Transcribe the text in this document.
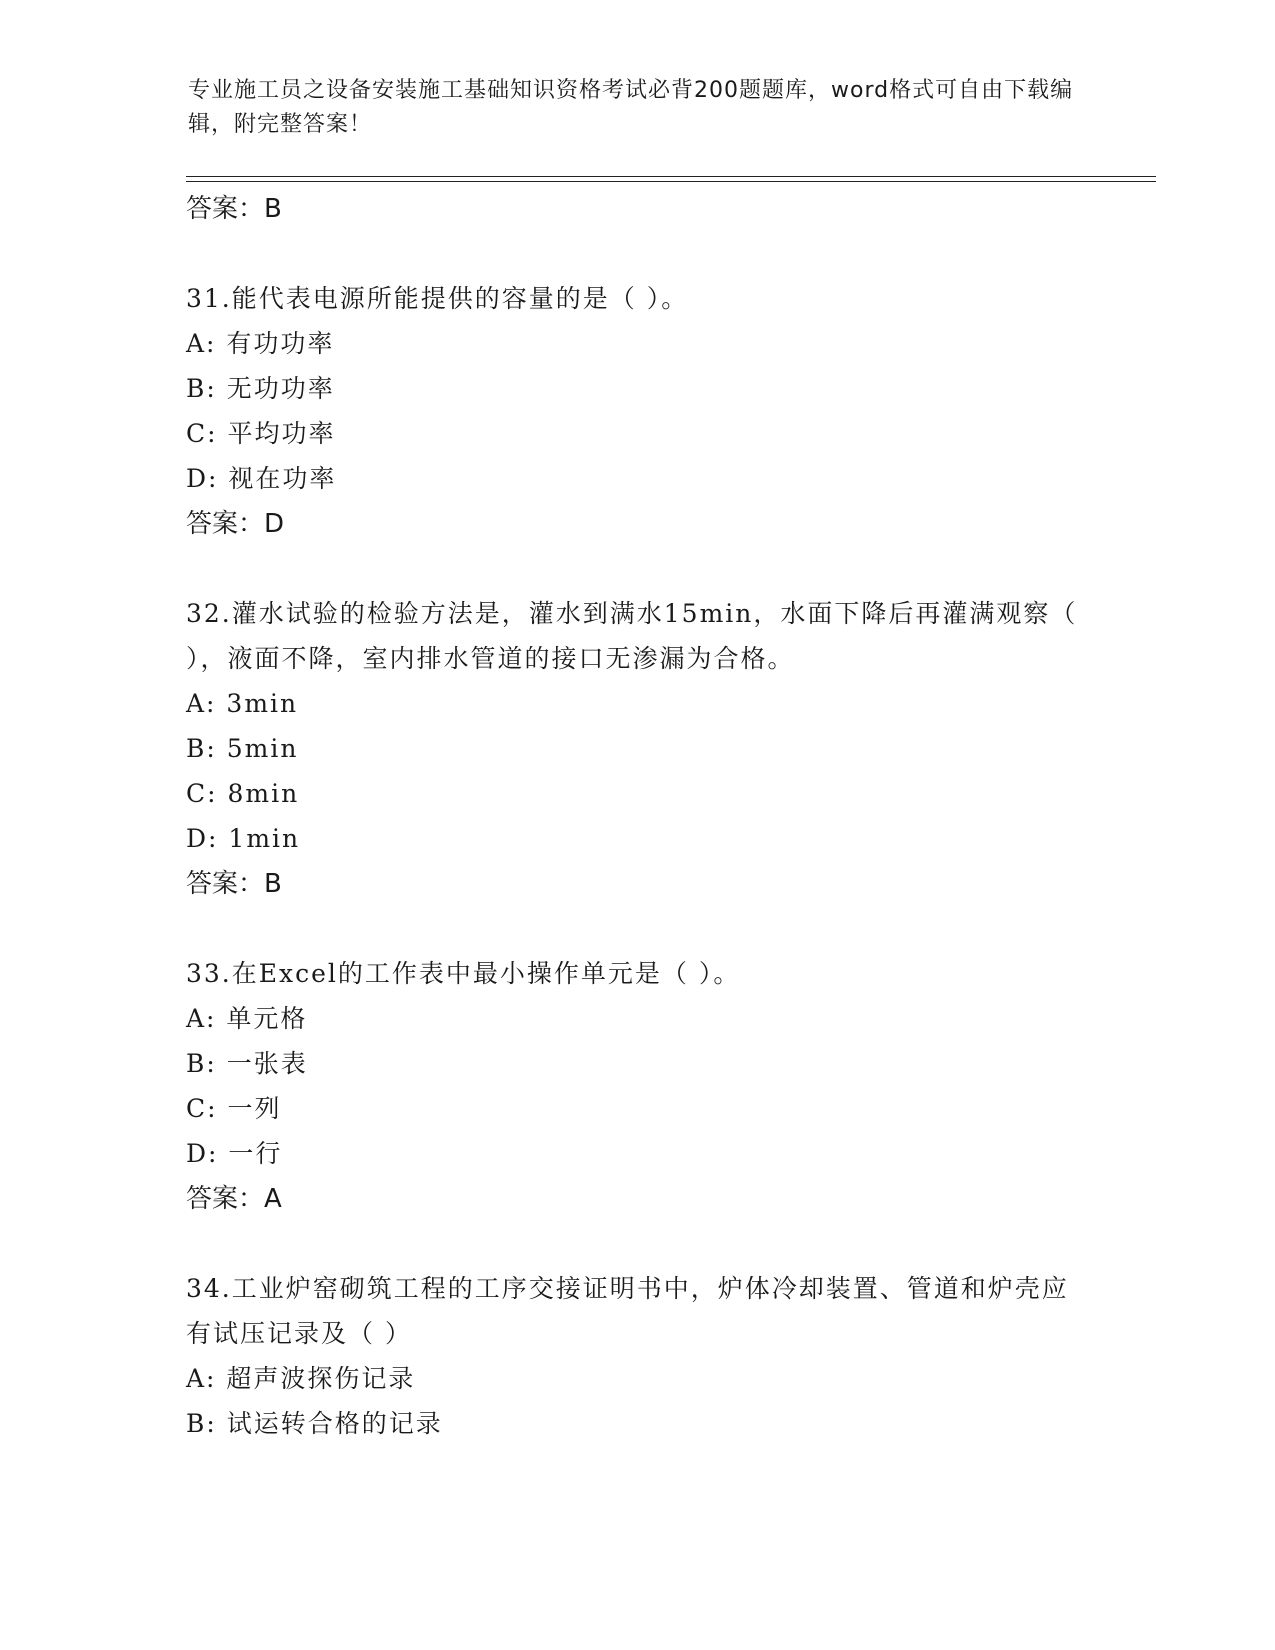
专业施工员之设备安装施工基础知识资格考试必背200题题库，word格式可自由下载编辑，附完整答案！
答案：B
31.能代表电源所能提供的容量的是（ ）。
A: 有功功率
B: 无功功率
C: 平均功率
D: 视在功率
答案：D
32.灌水试验的检验方法是，灌水到满水15min，水面下降后再灌满观察（ ），液面不降，室内排水管道的接口无渗漏为合格。
A: 3min
B: 5min
C: 8min
D: 1min
答案：B
33.在Excel的工作表中最小操作单元是（ ）。
A: 单元格
B: 一张表
C: 一列
D: 一行
答案：A
34.工业炉窑砌筑工程的工序交接证明书中，炉体冷却装置、管道和炉壳应有试压记录及（ ）
A: 超声波探伤记录
B: 试运转合格的记录
